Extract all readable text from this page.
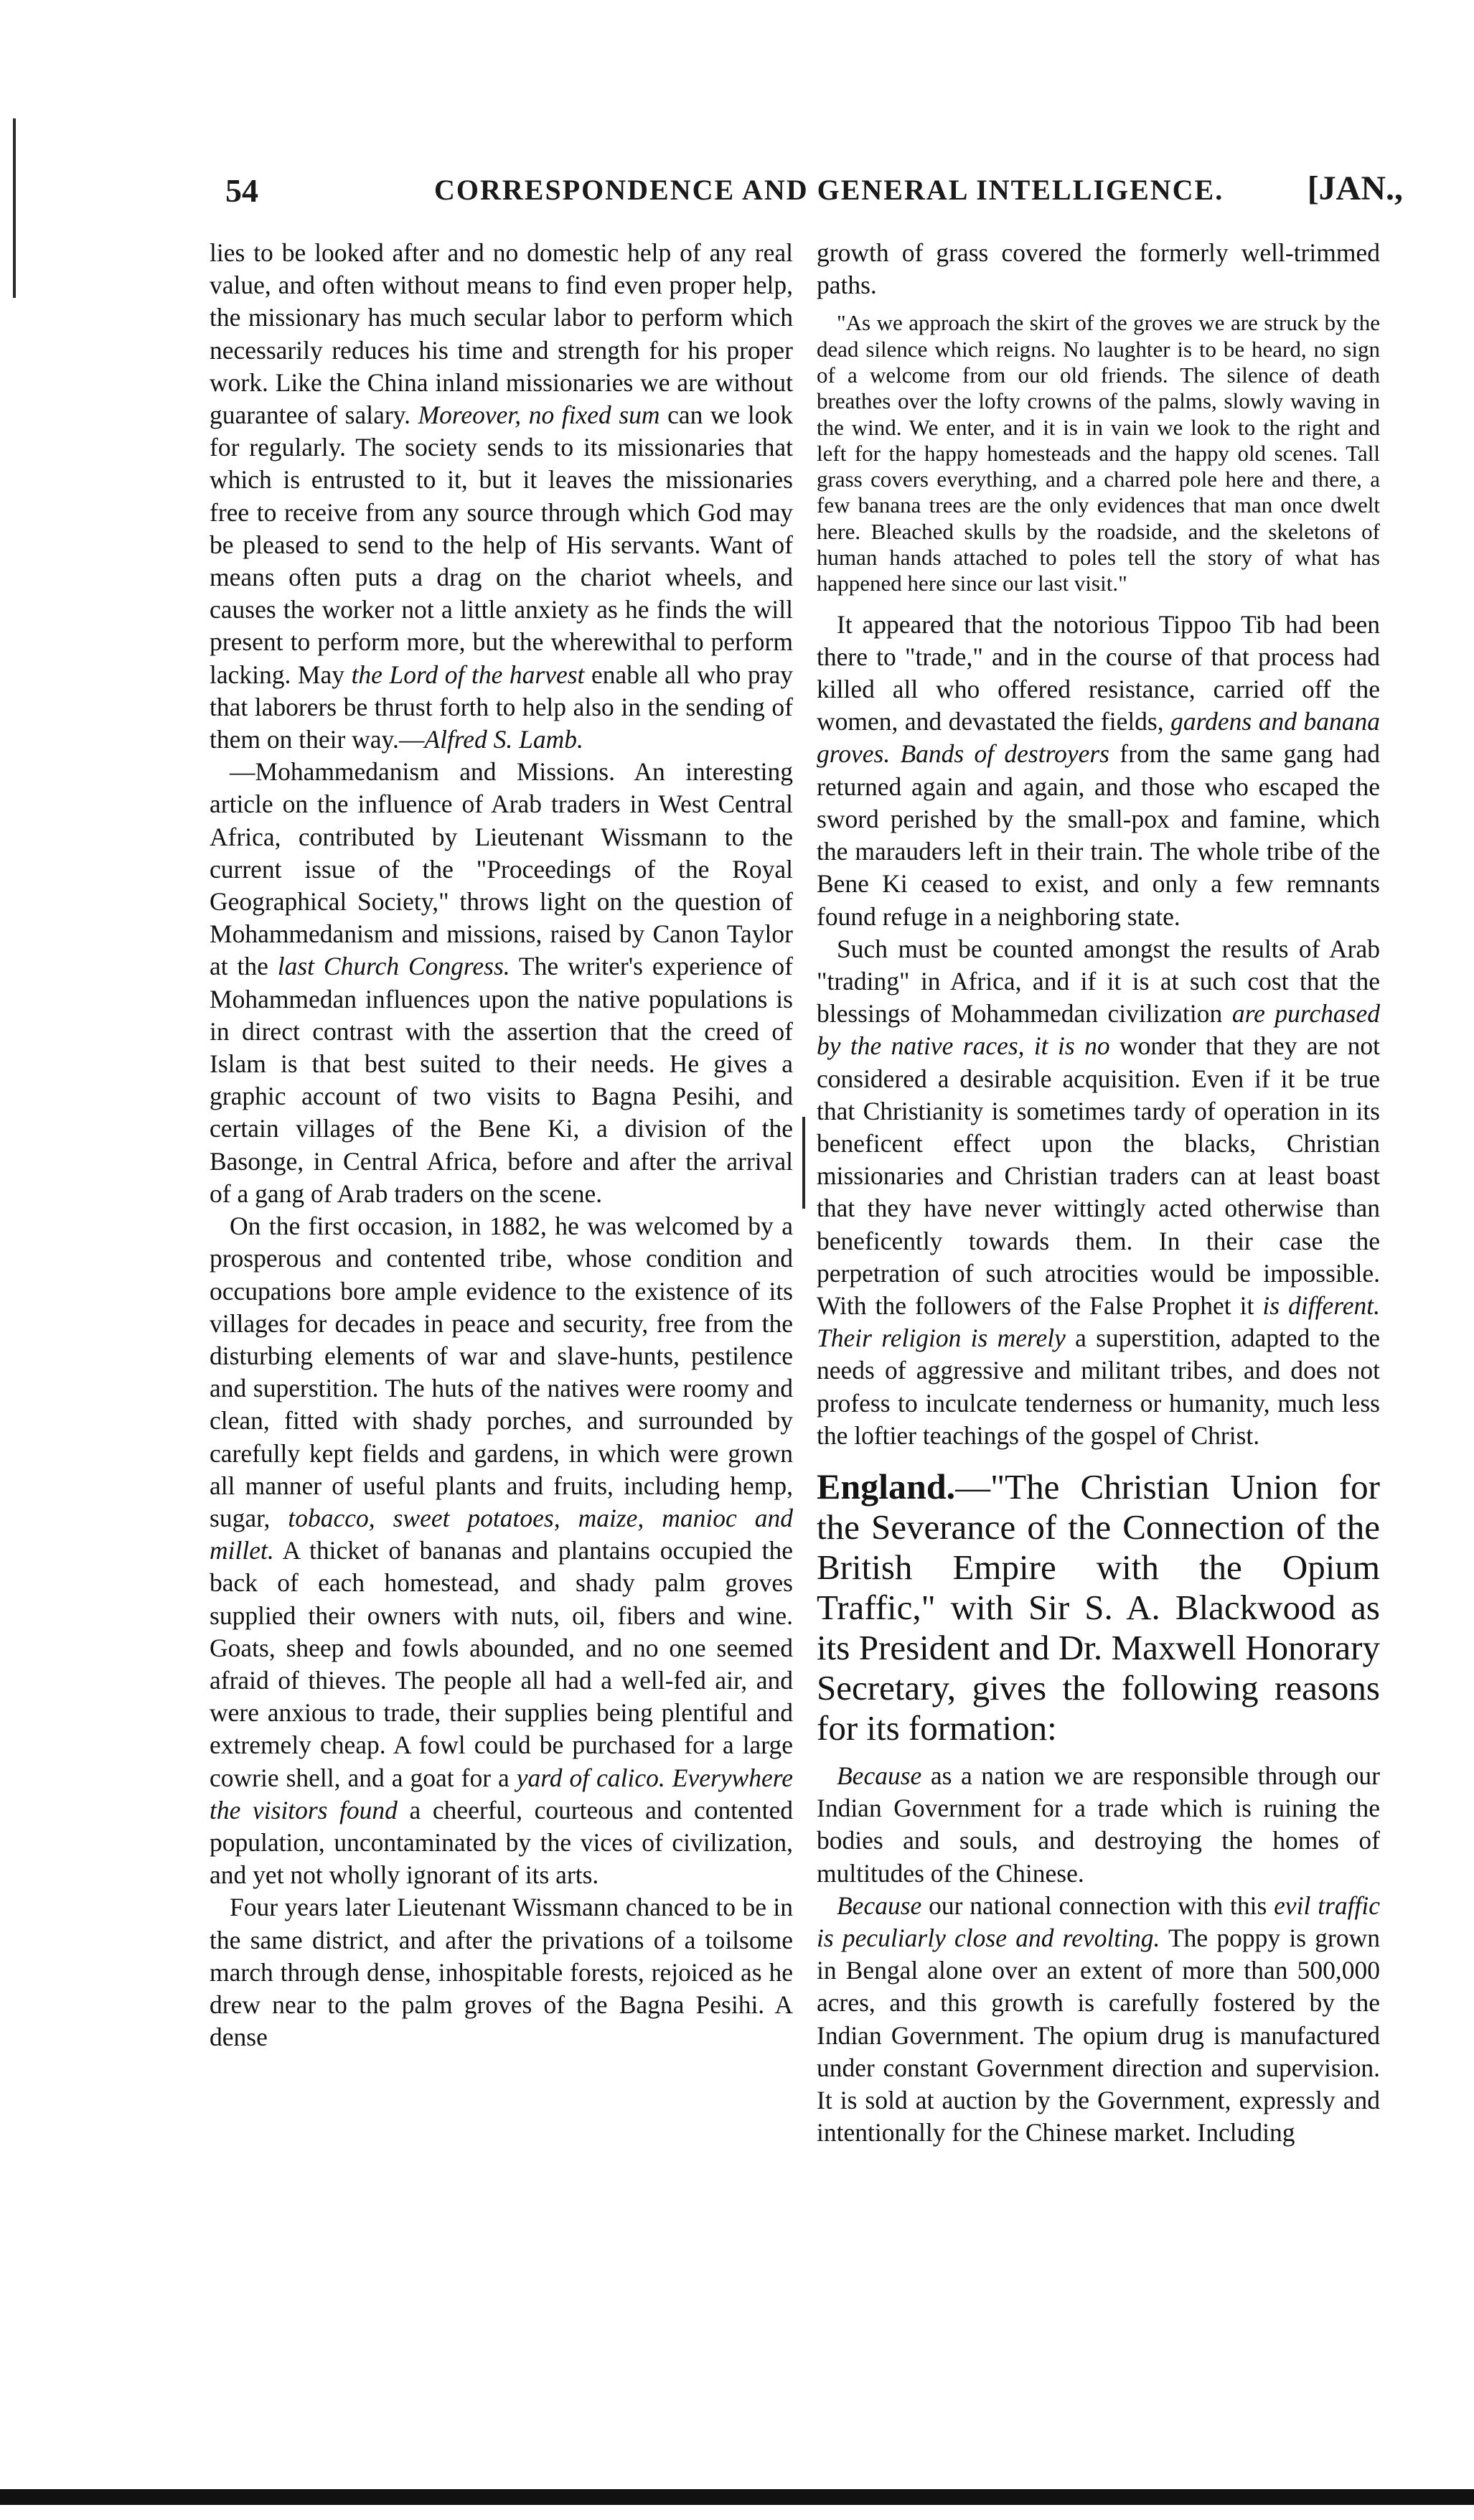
54	CORRESPONDENCE AND GENERAL INTELLIGENCE. [JAN.,

lies to be looked after and no domestic help of any real value, and often without means to find even proper help, the missionary has much secular labor to perform which necessarily reduces his time and strength for his proper work. Like the China inland missionaries we are without guarantee of salary. Moreover, no fixed sum can we look for regularly. The society sends to its missionaries that which is entrusted to it, but it leaves the missionaries free to receive from any source through which God may be pleased to send to the help of His servants. Want of means often puts a drag on the chariot wheels, and causes the worker not a little anxiety as he finds the will present to perform more, but the wherewithal to perform lacking. May the Lord of the harvest enable all who pray that laborers be thrust forth to help also in the sending of them on their way.—Alfred S. Lamb.

—Mohammedanism and Missions. An interesting article on the influence of Arab traders in West Central Africa, contributed by Lieutenant Wissmann to the current issue of the "Proceedings of the Royal Geographical Society," throws light on the question of Mohammedanism and missions, raised by Canon Taylor at the last Church Congress. The writer's experience of Mohammedan influences upon the native populations is in direct contrast with the assertion that the creed of Islam is that best suited to their needs. He gives a graphic account of two visits to Bagna Pesihi, and certain villages of the Bene Ki, a division of the Basonge, in Central Africa, before and after the arrival of a gang of Arab traders on the scene.

On the first occasion, in 1882, he was welcomed by a prosperous and contented tribe, whose condition and occupations bore ample evidence to the existence of its villages for decades in peace and security, free from the disturbing elements of war and slave-hunts, pestilence and superstition. The huts of the natives were roomy and clean, fitted with shady porches, and surrounded by carefully kept fields and gardens, in which were grown all manner of useful plants and fruits, including hemp, sugar, tobacco, sweet potatoes, maize, manioc and millet. A thicket of bananas and plantains occupied the back of each homestead, and shady palm groves supplied their owners with nuts, oil, fibers and wine. Goats, sheep and fowls abounded, and no one seemed afraid of thieves. The people all had a well-fed air, and were anxious to trade, their supplies being plentiful and extremely cheap. A fowl could be purchased for a large cowrie shell, and a goat for a yard of calico. Everywhere the visitors found a cheerful, courteous and contented population, uncontaminated by the vices of civilization, and yet not wholly ignorant of its arts.

Four years later Lieutenant Wissmann chanced to be in the same district, and after the privations of a toilsome march through dense, inhospitable forests, rejoiced as he drew near to the palm groves of the Bagna Pesihi. A dense

growth of grass covered the formerly well-trimmed paths.

"As we approach the skirt of the groves we are struck by the dead silence which reigns. No laughter is to be heard, no sign of a welcome from our old friends. The silence of death breathes over the lofty crowns of the palms, slowly waving in the wind. We enter, and it is in vain we look to the right and left for the happy homesteads and the happy old scenes. Tall grass covers everything, and a charred pole here and there, a few banana trees are the only evidences that man once dwelt here. Bleached skulls by the roadside, and the skeletons of human hands attached to poles tell the story of what has happened here since our last visit."

It appeared that the notorious Tippoo Tib had been there to "trade," and in the course of that process had killed all who offered resistance, carried off the women, and devastated the fields, gardens and banana groves. Bands of destroyers from the same gang had returned again and again, and those who escaped the sword perished by the small-pox and famine, which the marauders left in their train. The whole tribe of the Bene Ki ceased to exist, and only a few remnants found refuge in a neighboring state.

Such must be counted amongst the results of Arab "trading" in Africa, and if it is at such cost that the blessings of Mohammedan civilization are purchased by the native races, it is no wonder that they are not considered a desirable acquisition. Even if it be true that Christianity is sometimes tardy of operation in its beneficent effect upon the blacks, Christian missionaries and Christian traders can at least boast that they have never wittingly acted otherwise than beneficently towards them. In their case the perpetration of such atrocities would be impossible. With the followers of the False Prophet it is different. Their religion is merely a superstition, adapted to the needs of aggressive and militant tribes, and does not profess to inculcate tenderness or humanity, much less the loftier teachings of the gospel of Christ.

England.—"The Christian Union for the Severance of the Connection of the British Empire with the Opium Traffic," with Sir S. A. Blackwood as its President and Dr. Maxwell Honorary Secretary, gives the following reasons for its formation:

Because as a nation we are responsible through our Indian Government for a trade which is ruining the bodies and souls, and destroying the homes of multitudes of the Chinese.

Because our national connection with this evil traffic is peculiarly close and revolting. The poppy is grown in Bengal alone over an extent of more than 500,000 acres, and this growth is carefully fostered by the Indian Government. The opium drug is manufactured under constant Government direction and supervision. It is sold at auction by the Government, expressly and intentionally for the Chinese market. Including
